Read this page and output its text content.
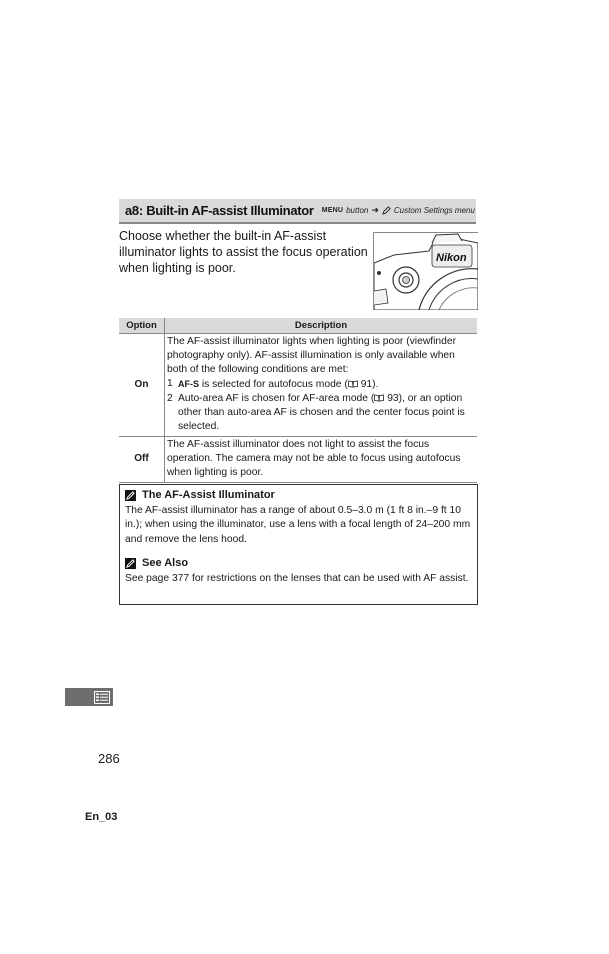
a8: Built-in AF-assist Illuminator MENU button ➜ Custom Settings menu
Choose whether the built-in AF-assist illuminator lights to assist the focus operation when lighting is poor.
Nikon
Option	Description
On	The AF-assist illuminator lights when lighting is poor (viewfinder photography only). AF-assist illumination is only available when both of the following conditions are met:
1 AF-S is selected for autofocus mode ( 91).
2 Auto-area AF is chosen for AF-area mode ( 93), or an option other than auto-area AF is chosen and the center focus point is selected.

Off	The AF-assist illuminator does not light to assist the focus operation. The camera may not be able to focus using autofocus when lighting is poor.
The AF-Assist Illuminator
The AF-assist illuminator has a range of about 0.5–3.0 m (1 ft 8 in.–9 ft 10 in.); when using the illuminator, use a lens with a focal length of 24–200 mm and remove the lens hood.
See Also
See page 377 for restrictions on the lenses that can be used with AF assist.
286
En_03
